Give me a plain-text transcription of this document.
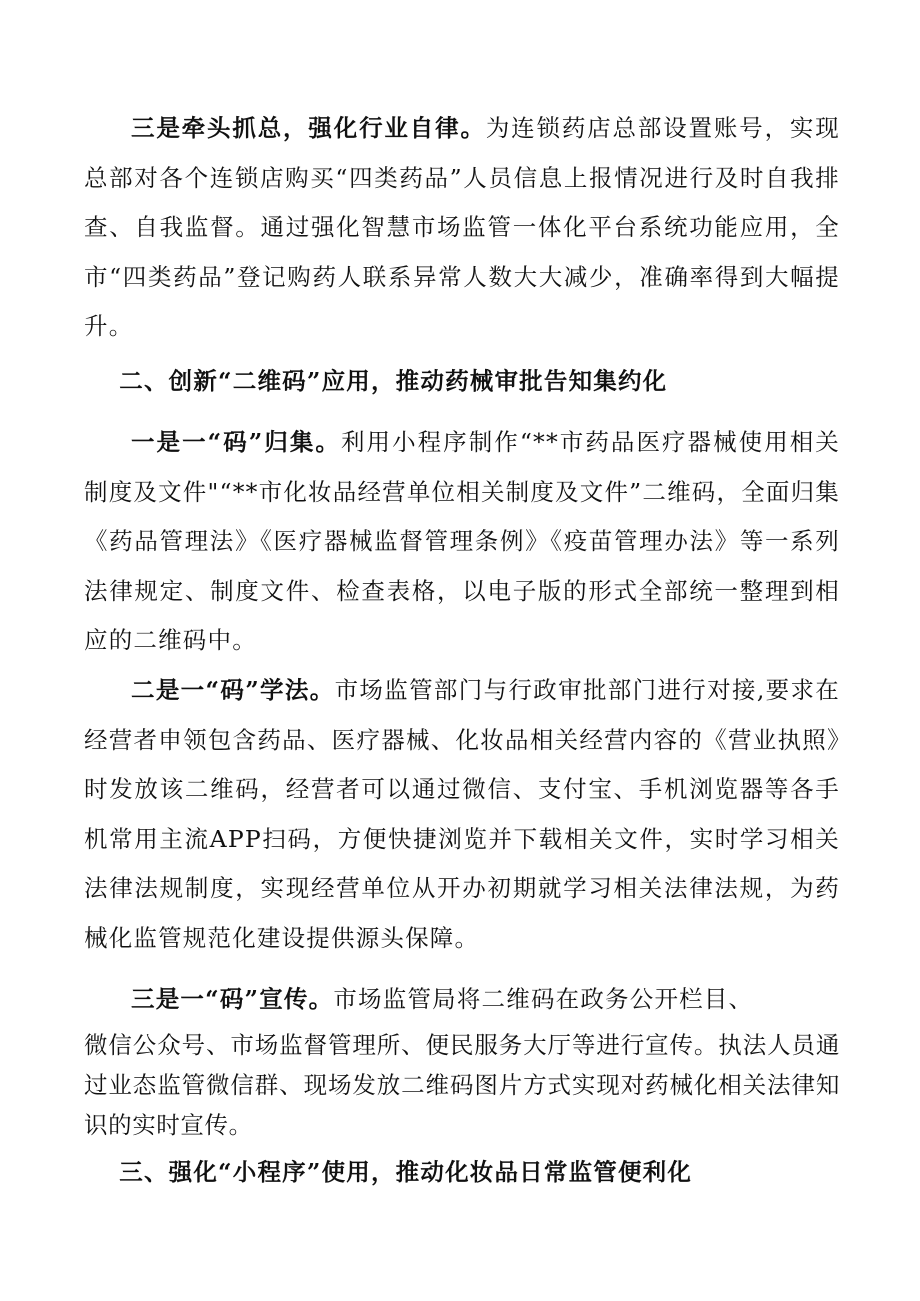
三是牵头抓总，强化行业自律。为连锁药店总部设置账号，实现总部对各个连锁店购买“四类药品”人员信息上报情况进行及时自我排查、自我监督。通过强化智慧市场监管一体化平台系统功能应用，全市“四类药品”登记购药人联系异常人数大大减少，准确率得到大幅提升。

二、创新“二维码”应用，推动药械审批告知集约化

一是一“码”归集。利用小程序制作“**市药品医疗器械使用相关制度及文件"“**市化妆品经营单位相关制度及文件”二维码，全面归集《药品管理法》《医疗器械监督管理条例》《疫苗管理办法》等一系列法律规定、制度文件、检查表格，以电子版的形式全部统一整理到相应的二维码中。

二是一“码”学法。市场监管部门与行政审批部门进行对接,要求在经营者申领包含药品、医疗器械、化妆品相关经营内容的《营业执照》时发放该二维码，经营者可以通过微信、支付宝、手机浏览器等各手机常用主流APP扫码，方便快捷浏览并下载相关文件，实时学习相关法律法规制度，实现经营单位从开办初期就学习相关法律法规，为药械化监管规范化建设提供源头保障。

三是一“码”宣传。市场监管局将二维码在政务公开栏目、

微信公众号、市场监督管理所、便民服务大厅等进行宣传。执法人员通过业态监管微信群、现场发放二维码图片方式实现对药械化相关法律知识的实时宣传。

三、强化“小程序”使用，推动化妆品日常监管便利化
